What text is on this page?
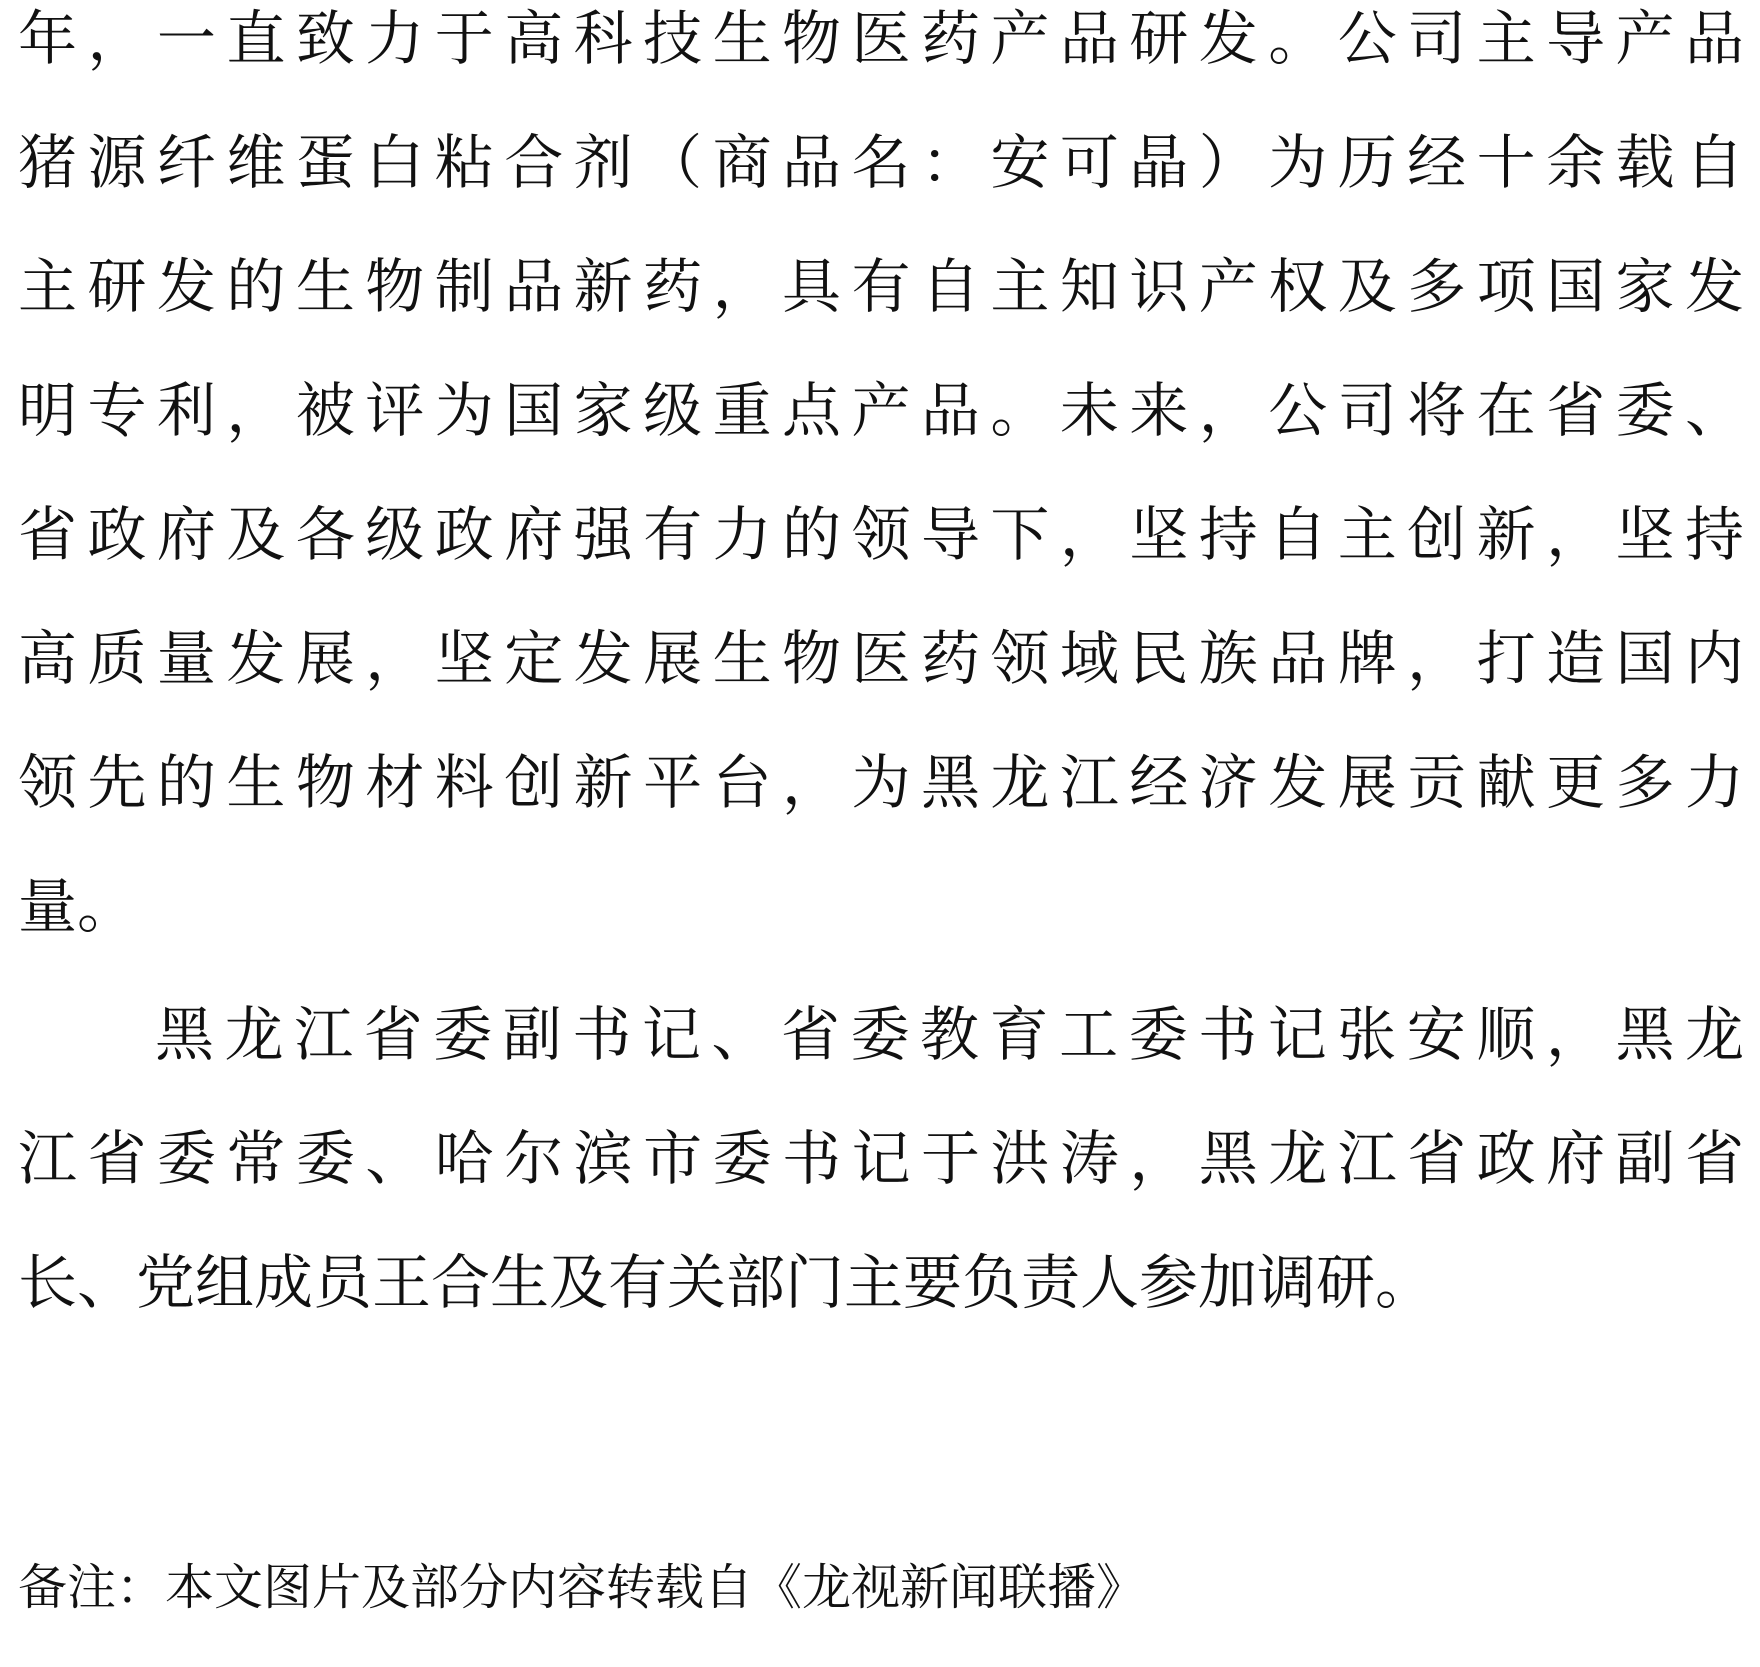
年，一直致力于高科技生物医药产品研发。公司主导产品
猪源纤维蛋白粘合剂（商品名：安可晶）为历经十余载自
主研发的生物制品新药，具有自主知识产权及多项国家发
明专利，被评为国家级重点产品。未来，公司将在省委、
省政府及各级政府强有力的领导下，坚持自主创新，坚持
高质量发展，坚定发展生物医药领域民族品牌，打造国内
领先的生物材料创新平台，为黑龙江经济发展贡献更多力
量。
黑龙江省委副书记、省委教育工委书记张安顺，黑龙
江省委常委、哈尔滨市委书记于洪涛，黑龙江省政府副省
长、党组成员王合生及有关部门主要负责人参加调研。
备注：本文图片及部分内容转载自《龙视新闻联播》
